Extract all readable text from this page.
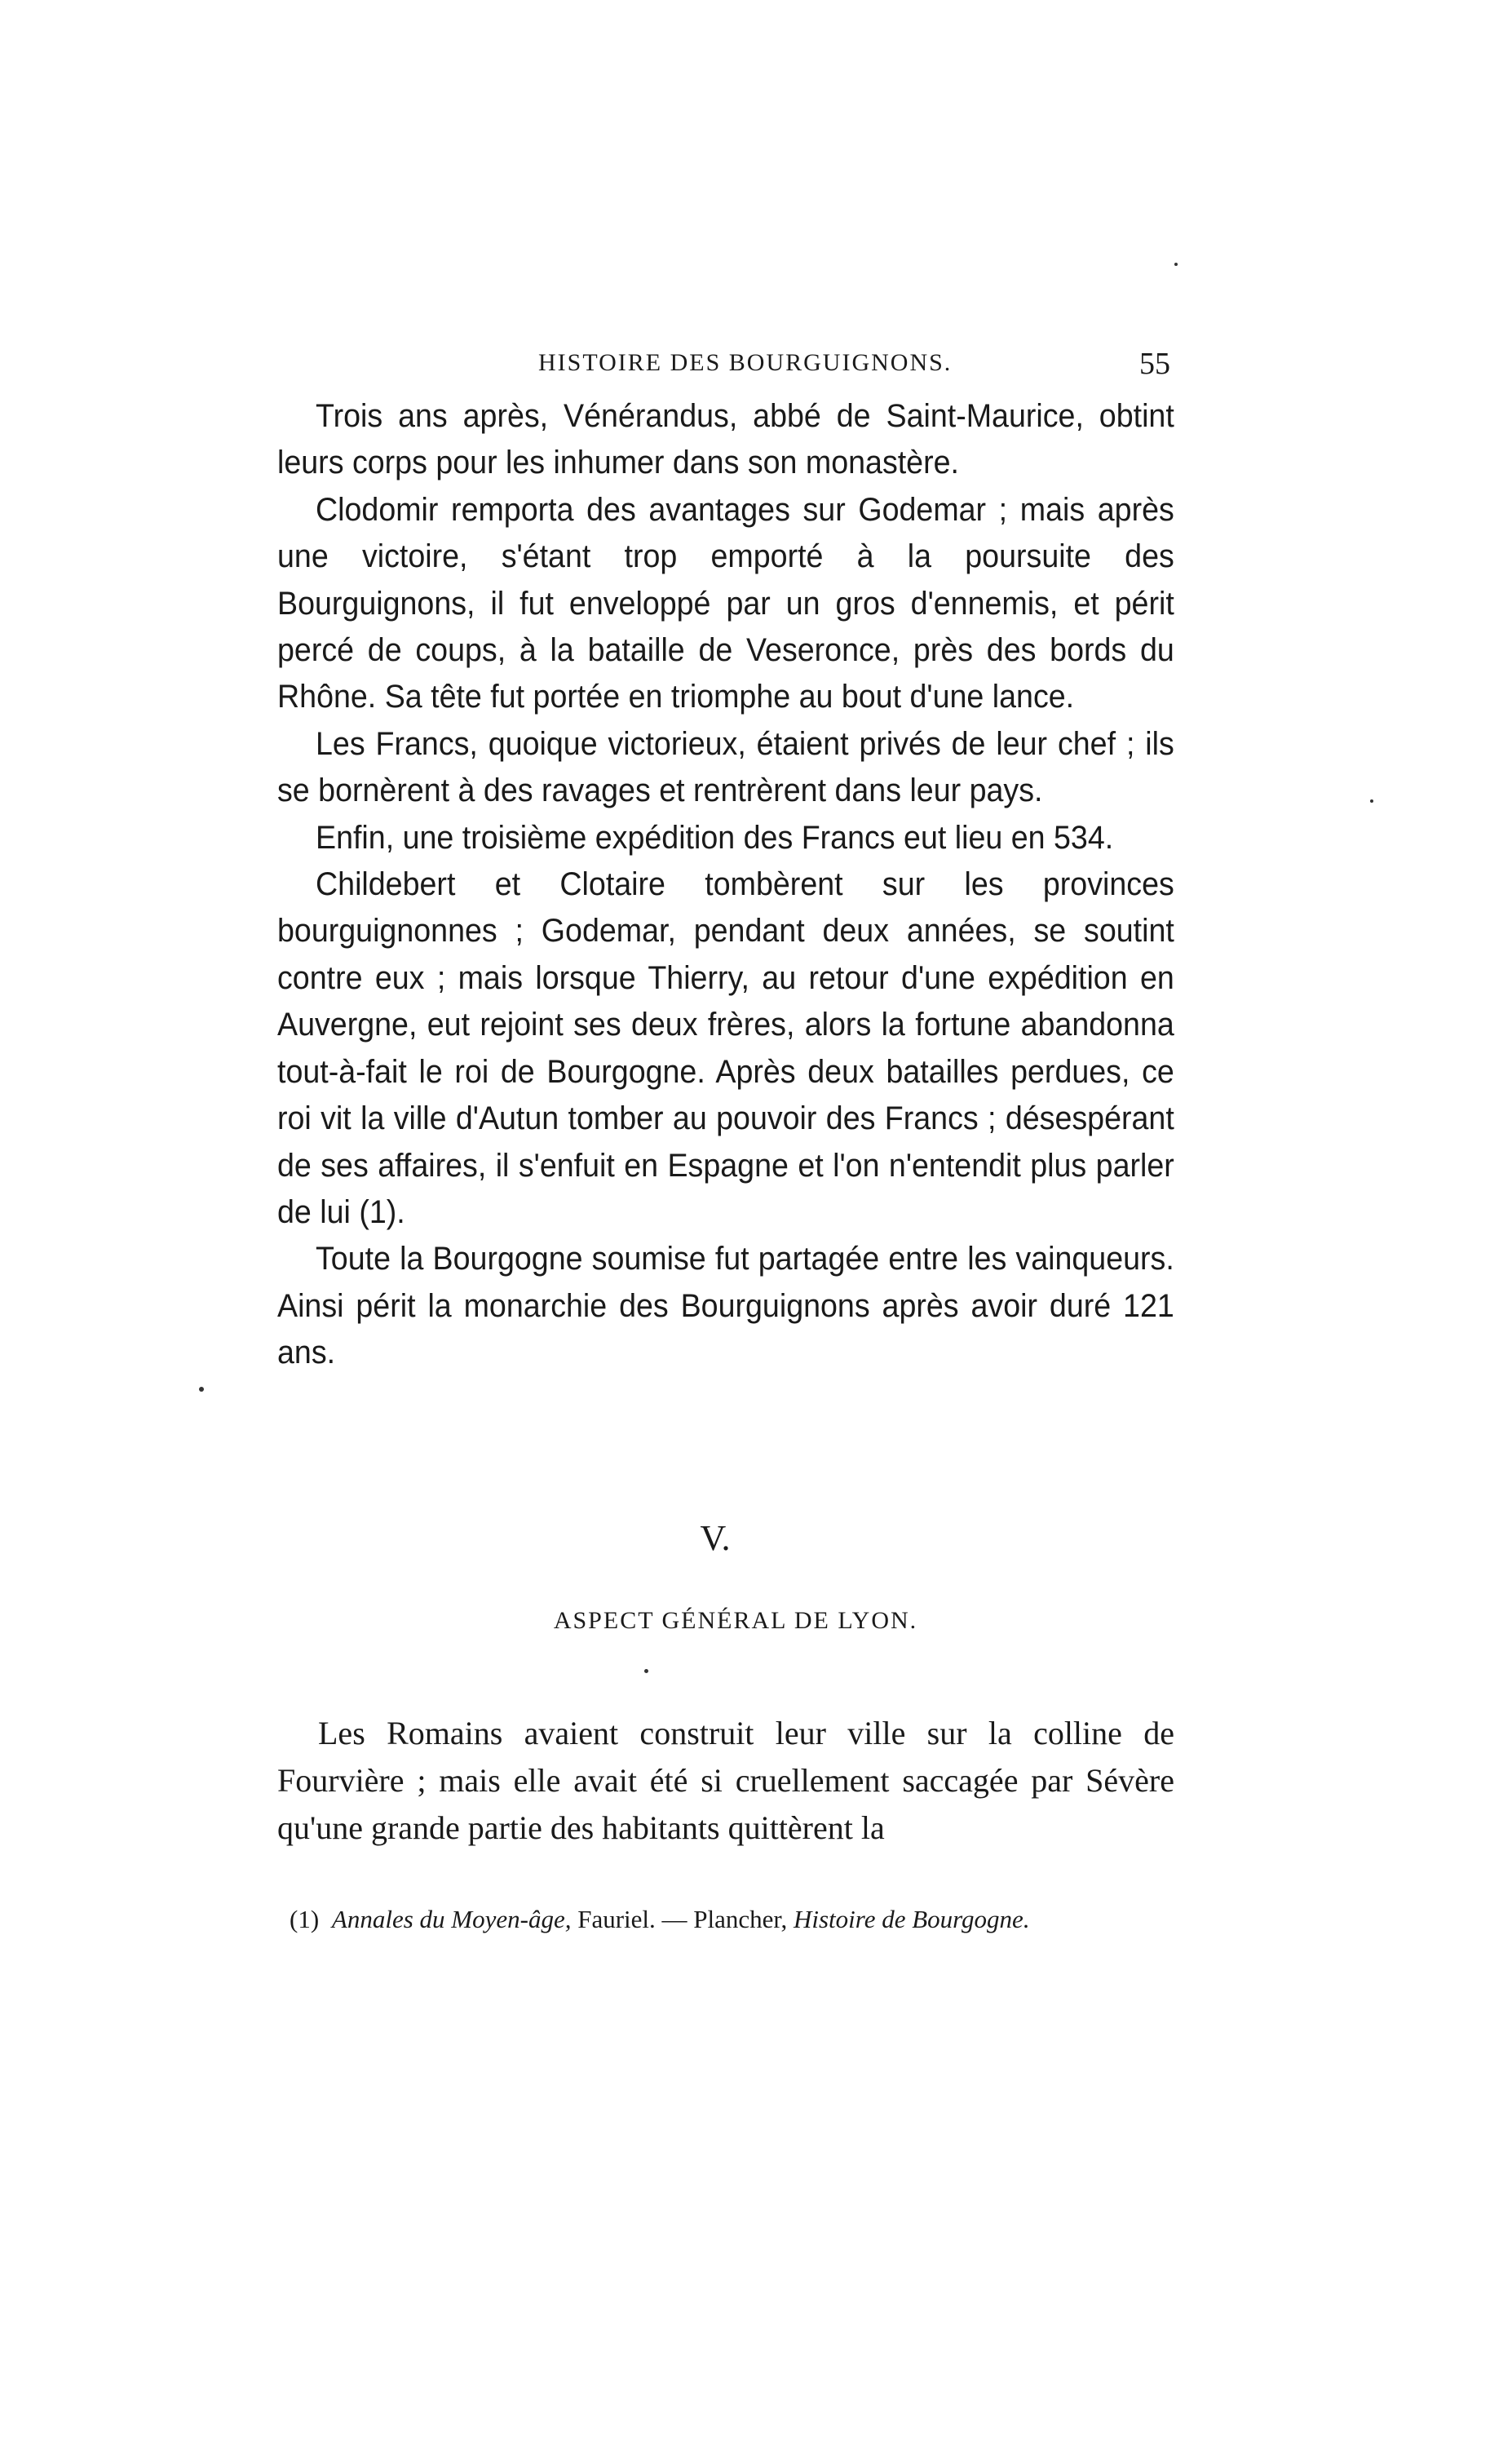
HISTOIRE DES BOURGUIGNONS.	55

Trois ans après, Vénérandus, abbé de Saint-Maurice, obtint leurs corps pour les inhumer dans son monastère.

Clodomir remporta des avantages sur Godemar ; mais après une victoire, s'étant trop emporté à la poursuite des Bourguignons, il fut enveloppé par un gros d'ennemis, et périt percé de coups, à la bataille de Veseronce, près des bords du Rhône. Sa tête fut portée en triomphe au bout d'une lance.

Les Francs, quoique victorieux, étaient privés de leur chef ; ils se bornèrent à des ravages et rentrèrent dans leur pays.

Enfin, une troisième expédition des Francs eut lieu en 534.

Childebert et Clotaire tombèrent sur les provinces bourguignonnes ; Godemar, pendant deux années, se soutint contre eux ; mais lorsque Thierry, au retour d'une expédition en Auvergne, eut rejoint ses deux frères, alors la fortune abandonna tout-à-fait le roi de Bourgogne. Après deux batailles perdues, ce roi vit la ville d'Autun tomber au pouvoir des Francs ; désespérant de ses affaires, il s'enfuit en Espagne et l'on n'entendit plus parler de lui (1).

Toute la Bourgogne soumise fut partagée entre les vainqueurs. Ainsi périt la monarchie des Bourguignons après avoir duré 121 ans.

V.
ASPECT GÉNÉRAL DE LYON.

Les Romains avaient construit leur ville sur la colline de Fourvière ; mais elle avait été si cruellement saccagée par Sévère qu'une grande partie des habitants quittèrent la

(1) Annales du Moyen-âge, Fauriel. — Plancher, Histoire de Bourgogne.
